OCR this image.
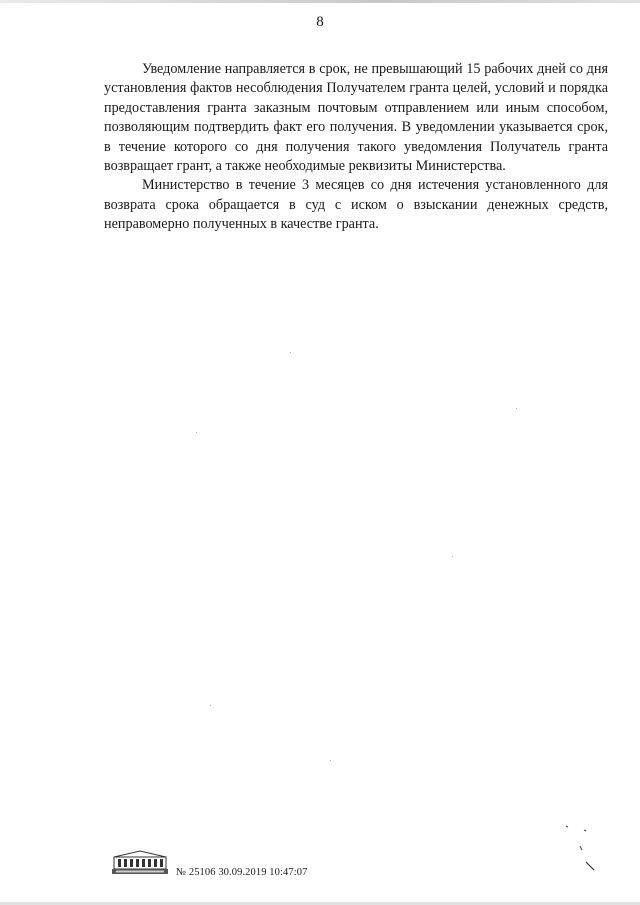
8

Уведомление направляется в срок, не превышающий 15 рабочих дней со дня установления фактов несоблюдения Получателем гранта целей, условий и порядка предоставления гранта заказным почтовым отправлением или иным способом, позволяющим подтвердить факт его получения. В уведомлении указывается срок, в течение которого со дня получения такого уведомления Получатель гранта возвращает грант, а также необходимые реквизиты Министерства.

Министерство в течение 3 месяцев со дня истечения установленного для возврата срока обращается в суд с иском о взыскании денежных средств, неправомерно полученных в качестве гранта.

№ 25106 30.09.2019 10:47:07
